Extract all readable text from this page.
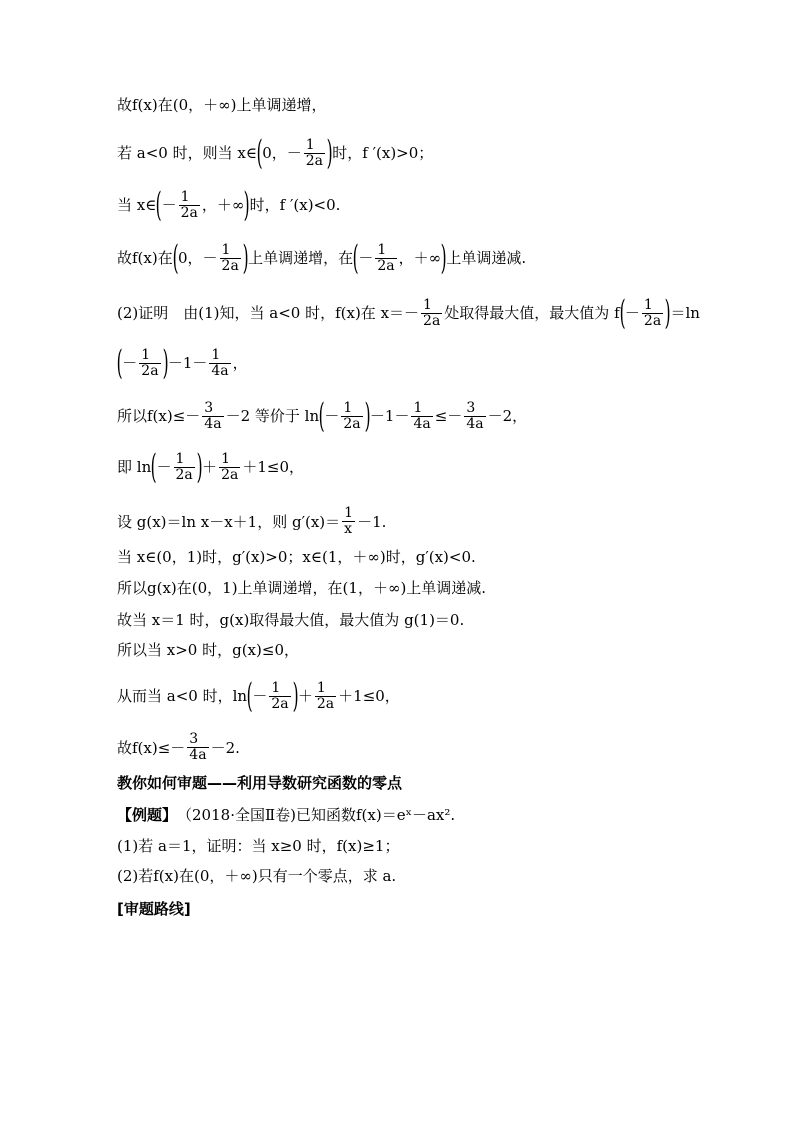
故f(x)在(0，＋∞)上单调递增，
若 a<0 时，则当 x∈ ( 0，－ $\frac{1}{2a}$ ) 时，f ′(x)>0；
当 x∈ ( － $\frac{1}{2a}$ ，＋∞ ) 时，f ′(x)<0.
故f(x)在 ( 0，－ $\frac{1}{2a}$ ) 上单调递增，在 ( － $\frac{1}{2a}$ ，＋∞ ) 上单调递减.
(2)证明　由(1)知，当 a<0 时，f(x)在 $x=- \frac{1}{2a}$ 处取得最大值，最大值为 f ( － $\frac{1}{2a}$ ) ＝ln
( － $\frac{1}{2a}$ ) $-1- \frac{1}{4a}$ ，
所以$f(x)\le- \frac{3}{4a} -2$ 等价于 ln ( － $\frac{1}{2a}$ ) $-1- \frac{1}{4a} \le- \frac{3}{4a} -2$，
即 ln ( － $\frac{1}{2a}$ ) ＋ $\frac{1}{2a} +1\le 0$，
设 g(x)＝ln x－x＋1，则 $g'(x)= \frac{1}{x} -1$.
当 x∈(0，1)时，g′(x)>0；x∈(1，＋∞)时，g′(x)<0.
所以g(x)在(0，1)上单调递增，在(1，＋∞)上单调递减.
故当 x＝1 时，g(x)取得最大值，最大值为 g(1)＝0.
所以当 x>0 时，g(x)≤0，
从而当 a<0 时，ln ( － $\frac{1}{2a}$ ) ＋ $\frac{1}{2a} +1\le 0$，
故$f(x)\le- \frac{3}{4a} -2$.
教你如何审题——利用导数研究函数的零点
【例题】 （2018·全国Ⅱ卷)已知函数f(x)＝eˣ－ax².
(1)若 a＝1，证明：当 x≥0 时，f(x)≥1；
(2)若f(x)在(0，＋∞)只有一个零点，求 a.
[审题路线]
